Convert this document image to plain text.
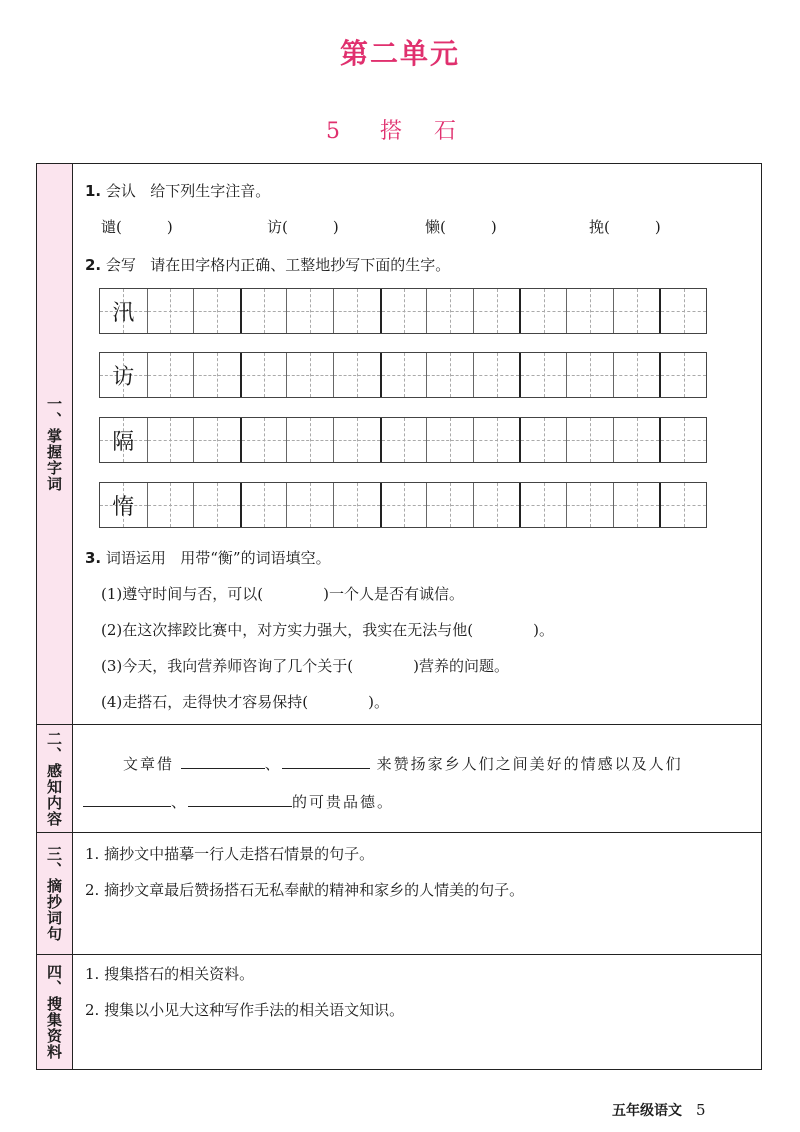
第二单元
5 搭 石
一、掌握字词
1. 会认 给下列生字注音。
谴(　　　)	访(　　　)	懒(　　　)	挽(　　　)
2. 会写 请在田字格内正确、工整地抄写下面的生字。
汛
访
隔
惰
3. 词语运用 用带“衡”的词语填空。
(1)遵守时间与否，可以(　　　　)一个人是否有诚信。
(2)在这次摔跤比赛中，对方实力强大，我实在无法与他(　　　　)。
(3)今天，我向营养师咨询了几个关于(　　　　)营养的问题。
(4)走搭石，走得快才容易保持(　　　　)。
二、感知内容	文章借	、	来赞扬家乡人们之间美好的情感以及人们
、	的可贵品德。
三、摘抄词句 1. 摘抄文中描摹一行人走搭石情景的句子。
2. 摘抄文章最后赞扬搭石无私奉献的精神和家乡的人情美的句子。
四、搜集资料 1. 搜集搭石的相关资料。
2. 搜集以小见大这种写作手法的相关语文知识。
五年级语文 5
